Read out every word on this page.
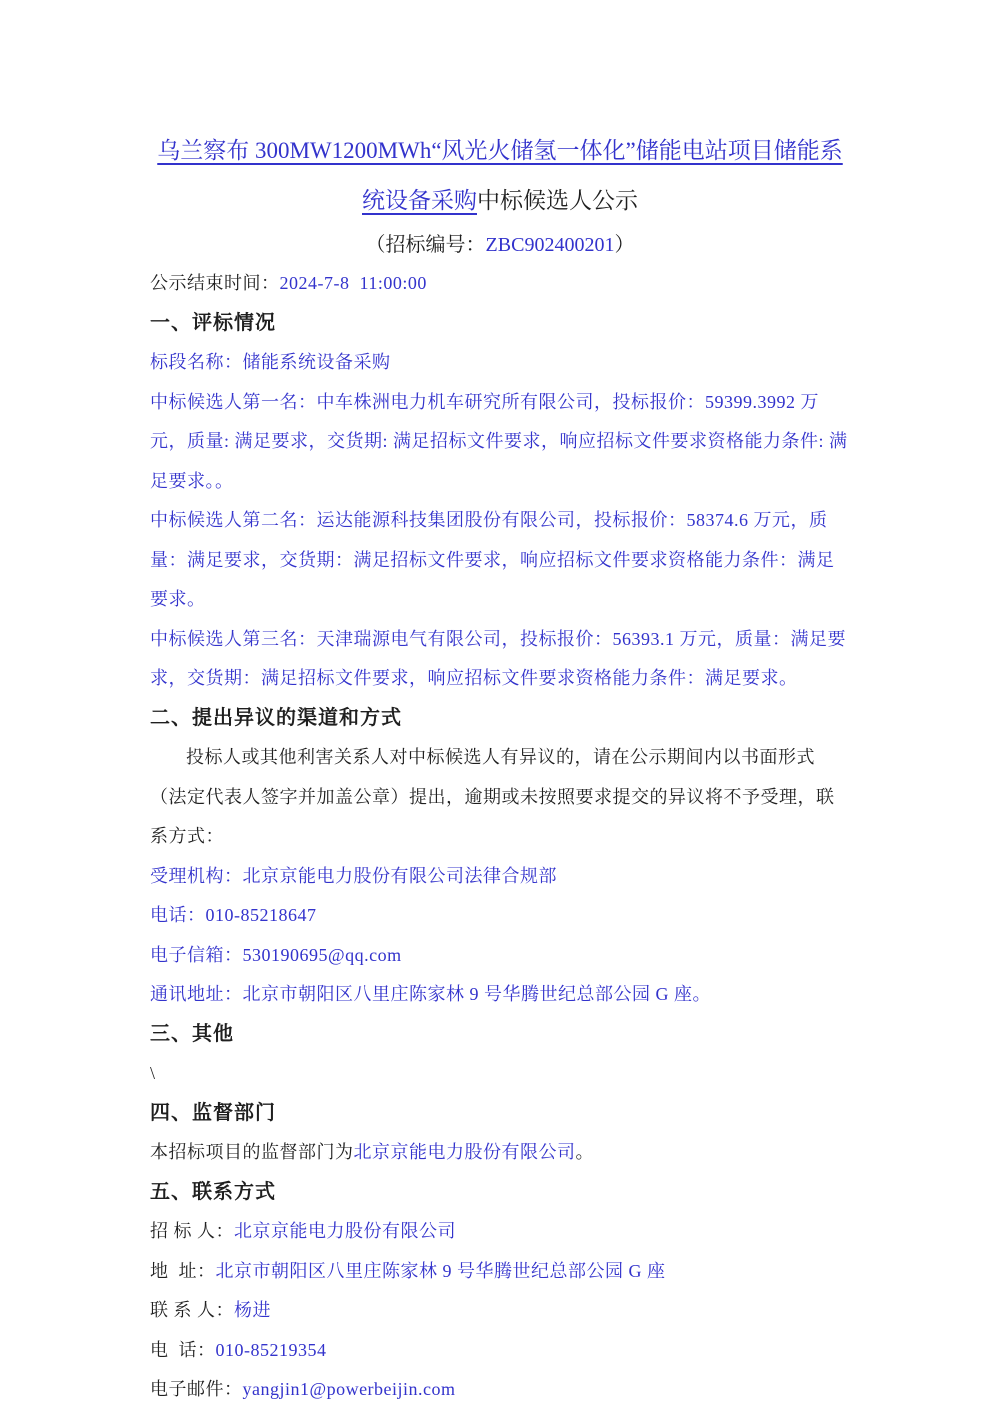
乌兰察布 300MW1200MWh“风光火储氢一体化”储能电站项目储能系
统设备采购中标候选人公示

（招标编号：ZBC902400201）

公示结束时间：2024-7-8  11:00:00

一、评标情况

标段名称：储能系统设备采购

中标候选人第一名：中车株洲电力机车研究所有限公司，投标报价：59399.3992 万元，质量: 满足要求，交货期: 满足招标文件要求，响应招标文件要求资格能力条件: 满足要求。。

中标候选人第二名：运达能源科技集团股份有限公司，投标报价：58374.6 万元，质量：满足要求，交货期：满足招标文件要求，响应招标文件要求资格能力条件：满足要求。

中标候选人第三名：天津瑞源电气有限公司，投标报价：56393.1 万元，质量：满足要求，交货期：满足招标文件要求，响应招标文件要求资格能力条件：满足要求。

二、提出异议的渠道和方式

投标人或其他利害关系人对中标候选人有异议的，请在公示期间内以书面形式（法定代表人签字并加盖公章）提出，逾期或未按照要求提交的异议将不予受理，联系方式：

受理机构：北京京能电力股份有限公司法律合规部

电话：010-85218647

电子信箱：530190695@qq.com

通讯地址：北京市朝阳区八里庄陈家林 9 号华腾世纪总部公园 G 座。

三、其他

\

四、监督部门

本招标项目的监督部门为北京京能电力股份有限公司。

五、联系方式

招 标 人：北京京能电力股份有限公司

地  址：北京市朝阳区八里庄陈家林 9 号华腾世纪总部公园 G 座

联 系 人：杨进

电  话：010-85219354

电子邮件：yangjin1@powerbeijin.com
